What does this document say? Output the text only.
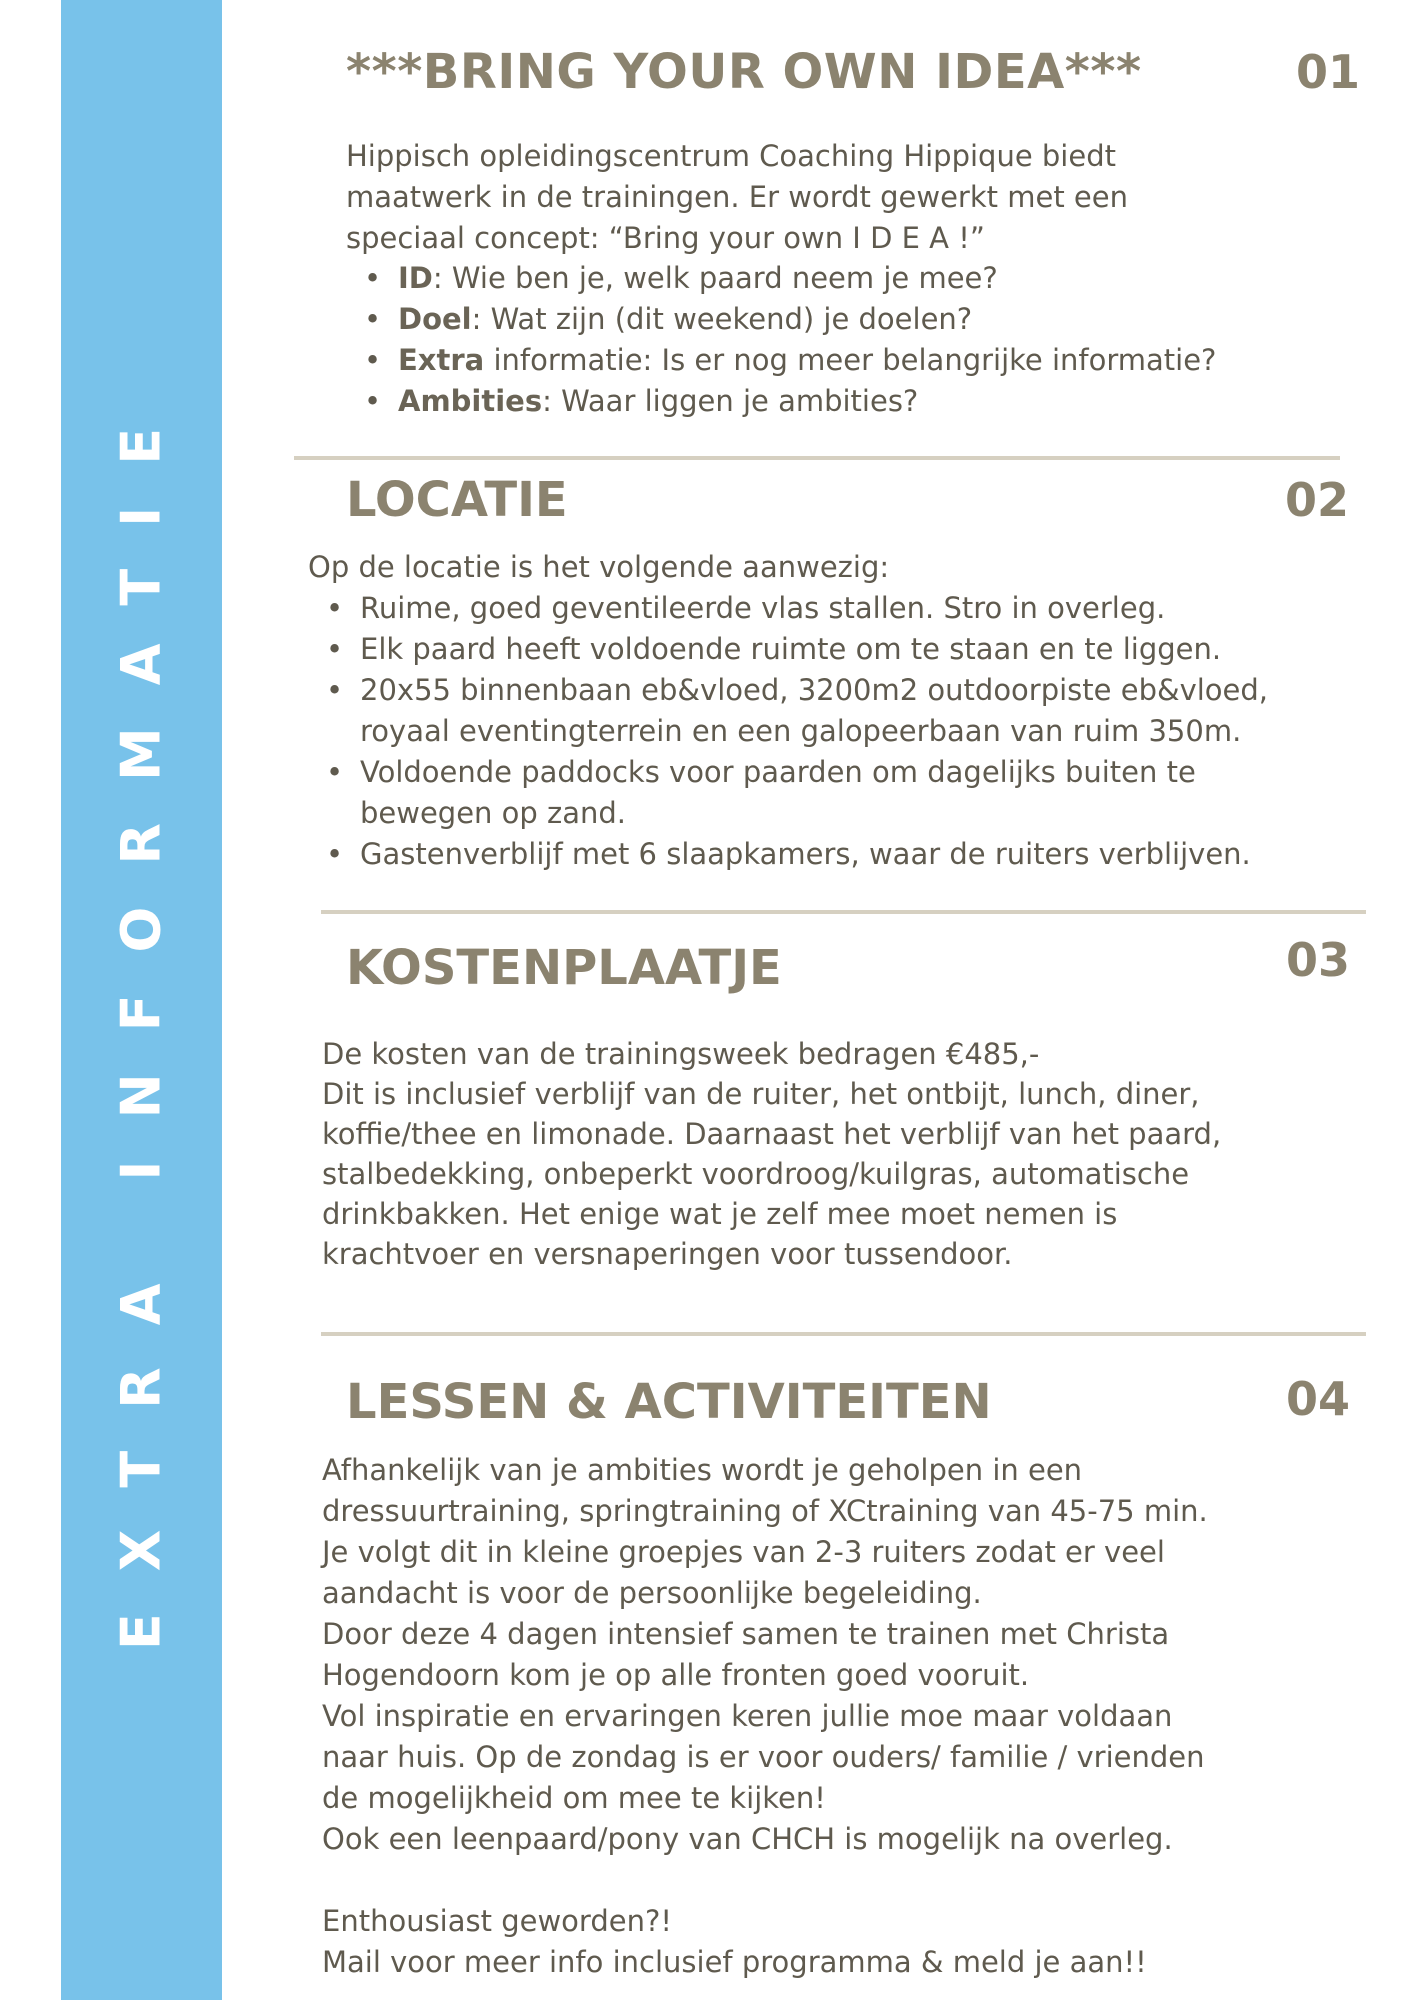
EXTRA INFORMATIE
***BRING YOUR OWN IDEA***	01
Hippisch opleidingscentrum Coaching Hippique biedt
maatwerk in de trainingen. Er wordt gewerkt met een
speciaal concept: “Bring your own I D E A !”
• ID: Wie ben je, welk paard neem je mee?
• Doel: Wat zijn (dit weekend) je doelen?
• Extra informatie: Is er nog meer belangrijke informatie?
• Ambities: Waar liggen je ambities?
LOCATIE	02
Op de locatie is het volgende aanwezig:
• Ruime, goed geventileerde vlas stallen. Stro in overleg.
• Elk paard heeft voldoende ruimte om te staan en te liggen.
• 20x55 binnenbaan eb&vloed, 3200m2 outdoorpiste eb&vloed,
royaal eventingterrein en een galopeerbaan van ruim 350m.
• Voldoende paddocks voor paarden om dagelijks buiten te
bewegen op zand.
• Gastenverblijf met 6 slaapkamers, waar de ruiters verblijven.
KOSTENPLAATJE	03
De kosten van de trainingsweek bedragen €485,-
Dit is inclusief verblijf van de ruiter, het ontbijt, lunch, diner,
koffie/thee en limonade. Daarnaast het verblijf van het paard,
stalbedekking, onbeperkt voordroog/kuilgras, automatische
drinkbakken. Het enige wat je zelf mee moet nemen is
krachtvoer en versnaperingen voor tussendoor.
LESSEN & ACTIVITEITEN	04
Afhankelijk van je ambities wordt je geholpen in een
dressuurtraining, springtraining of XCtraining van 45-75 min.
Je volgt dit in kleine groepjes van 2-3 ruiters zodat er veel
aandacht is voor de persoonlijke begeleiding.
Door deze 4 dagen intensief samen te trainen met Christa
Hogendoorn kom je op alle fronten goed vooruit.
Vol inspiratie en ervaringen keren jullie moe maar voldaan
naar huis. Op de zondag is er voor ouders/ familie / vrienden
de mogelijkheid om mee te kijken!
Ook een leenpaard/pony van CHCH is mogelijk na overleg.

Enthousiast geworden?!
Mail voor meer info inclusief programma & meld je aan!!
